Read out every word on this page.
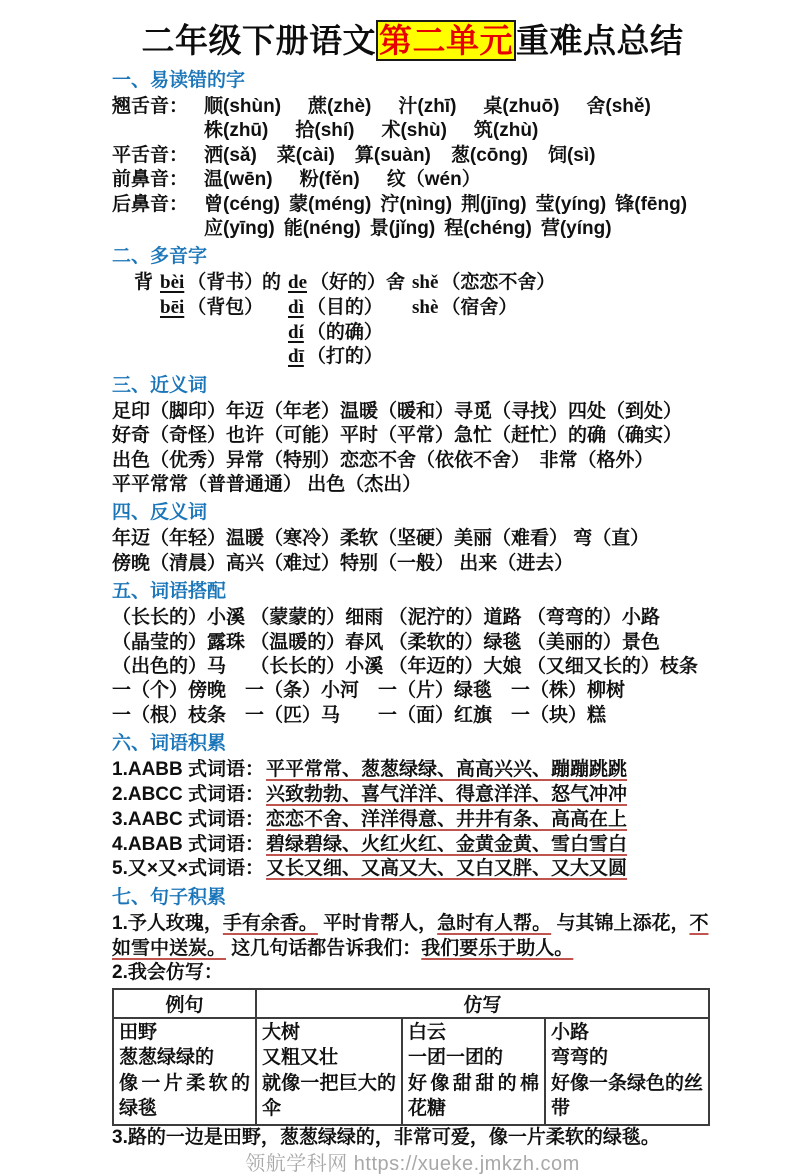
二年级下册语文第二单元重难点总结
一、易读错的字
翘舌音： 顺(shùn) 蔗(zhè) 汁(zhī) 桌(zhuō) 舍(shě)
株(zhū) 拾(shí) 术(shù) 筑(zhù)
平舌音： 洒(sǎ) 菜(cài) 算(suàn) 葱(cōng) 饲(sì)
前鼻音： 温(wēn) 粉(fěn) 纹（wén）
后鼻音： 曾(céng) 蒙(méng) 泞(nìng) 荆(jīng) 莹(yíng) 锋(fēng)
应(yīng) 能(néng) 景(jǐng) 程(chéng) 营(yíng)
二、多音字
背 bèi （背书）
bēi （背包）
的 de （好的）
dì （目的）
dí （的确）
dī （打的）
舍 shě （恋恋不舍）
shè （宿舍）
三、近义词
足印（脚印）年迈（年老）温暖（暖和）寻觅（寻找）四处（到处）
好奇（奇怪）也许（可能）平时（平常）急忙（赶忙）的确（确实）
出色（优秀）异常（特别）恋恋不舍（依依不舍）　非常（格外）
平平常常（普普通通） 出色（杰出）
四、反义词
年迈（年轻）温暖（寒冷）柔软（坚硬）美丽（难看） 弯（直）
傍晚（清晨）高兴（难过）特别（一般） 出来（进去）
五、词语搭配
（长长的）小溪 （蒙蒙的）细雨 （泥泞的）道路 （弯弯的）小路
（晶莹的）露珠 （温暖的）春风 （柔软的）绿毯 （美丽的）景色
（出色的）马　 （长长的）小溪 （年迈的）大娘 （又细又长的）枝条
一（个）傍晚　一（条）小河　一（片）绿毯　一（株）柳树
一（根）枝条　一（匹）马　　一（面）红旗　一（块）糕
六、词语积累
1.AABB 式词语： 平平常常、葱葱绿绿、高高兴兴、蹦蹦跳跳
2.ABCC 式词语： 兴致勃勃、喜气洋洋、得意洋洋、怒气冲冲
3.AABC 式词语： 恋恋不舍、洋洋得意、井井有条、高高在上
4.ABAB 式词语： 碧绿碧绿、火红火红、金黄金黄、雪白雪白
5.又×又×式词语： 又长又细、又高又大、又白又胖、又大又圆
七、句子积累
1.予人玫瑰，手有余香。 平时肯帮人，急时有人帮。 与其锦上添花，不如雪中送炭。 这几句话都告诉我们：我们要乐于助人。
2.我会仿写：
例句	仿写		

田野
葱葱绿绿的
像一片柔软的绿毯

大树
又粗又壮
就像一把巨大的伞

白云
一团一团的
好像甜甜的棉花糖

小路
弯弯的
好像一条绿色的丝带
3.路的一边是田野，葱葱绿绿的，非常可爱，像一片柔软的绿毯。
领航学科网 https://xueke.jmkzh.com
